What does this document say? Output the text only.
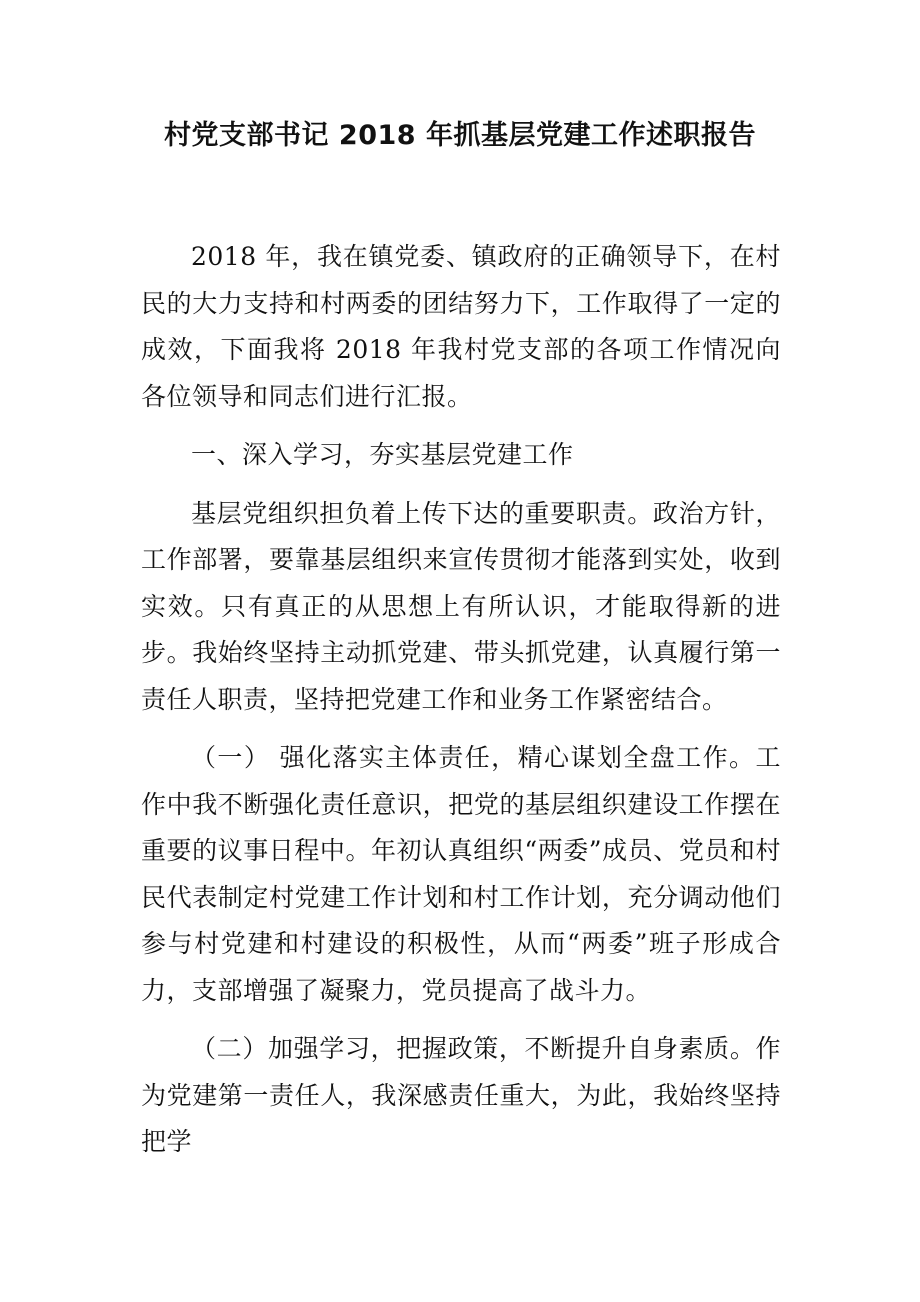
村党支部书记 2018 年抓基层党建工作述职报告

2018 年，我在镇党委、镇政府的正确领导下，在村民的大力支持和村两委的团结努力下，工作取得了一定的成效，下面我将 2018 年我村党支部的各项工作情况向各位领导和同志们进行汇报。

一、深入学习，夯实基层党建工作

基层党组织担负着上传下达的重要职责。政治方针，工作部署，要靠基层组织来宣传贯彻才能落到实处，收到实效。只有真正的从思想上有所认识，才能取得新的进步。我始终坚持主动抓党建、带头抓党建，认真履行第一责任人职责，坚持把党建工作和业务工作紧密结合。

（一） 强化落实主体责任，精心谋划全盘工作。工作中我不断强化责任意识，把党的基层组织建设工作摆在重要的议事日程中。年初认真组织“两委”成员、党员和村民代表制定村党建工作计划和村工作计划，充分调动他们参与村党建和村建设的积极性，从而“两委”班子形成合力，支部增强了凝聚力，党员提高了战斗力。

（二）加强学习，把握政策，不断提升自身素质。作为党建第一责任人，我深感责任重大，为此，我始终坚持把学
